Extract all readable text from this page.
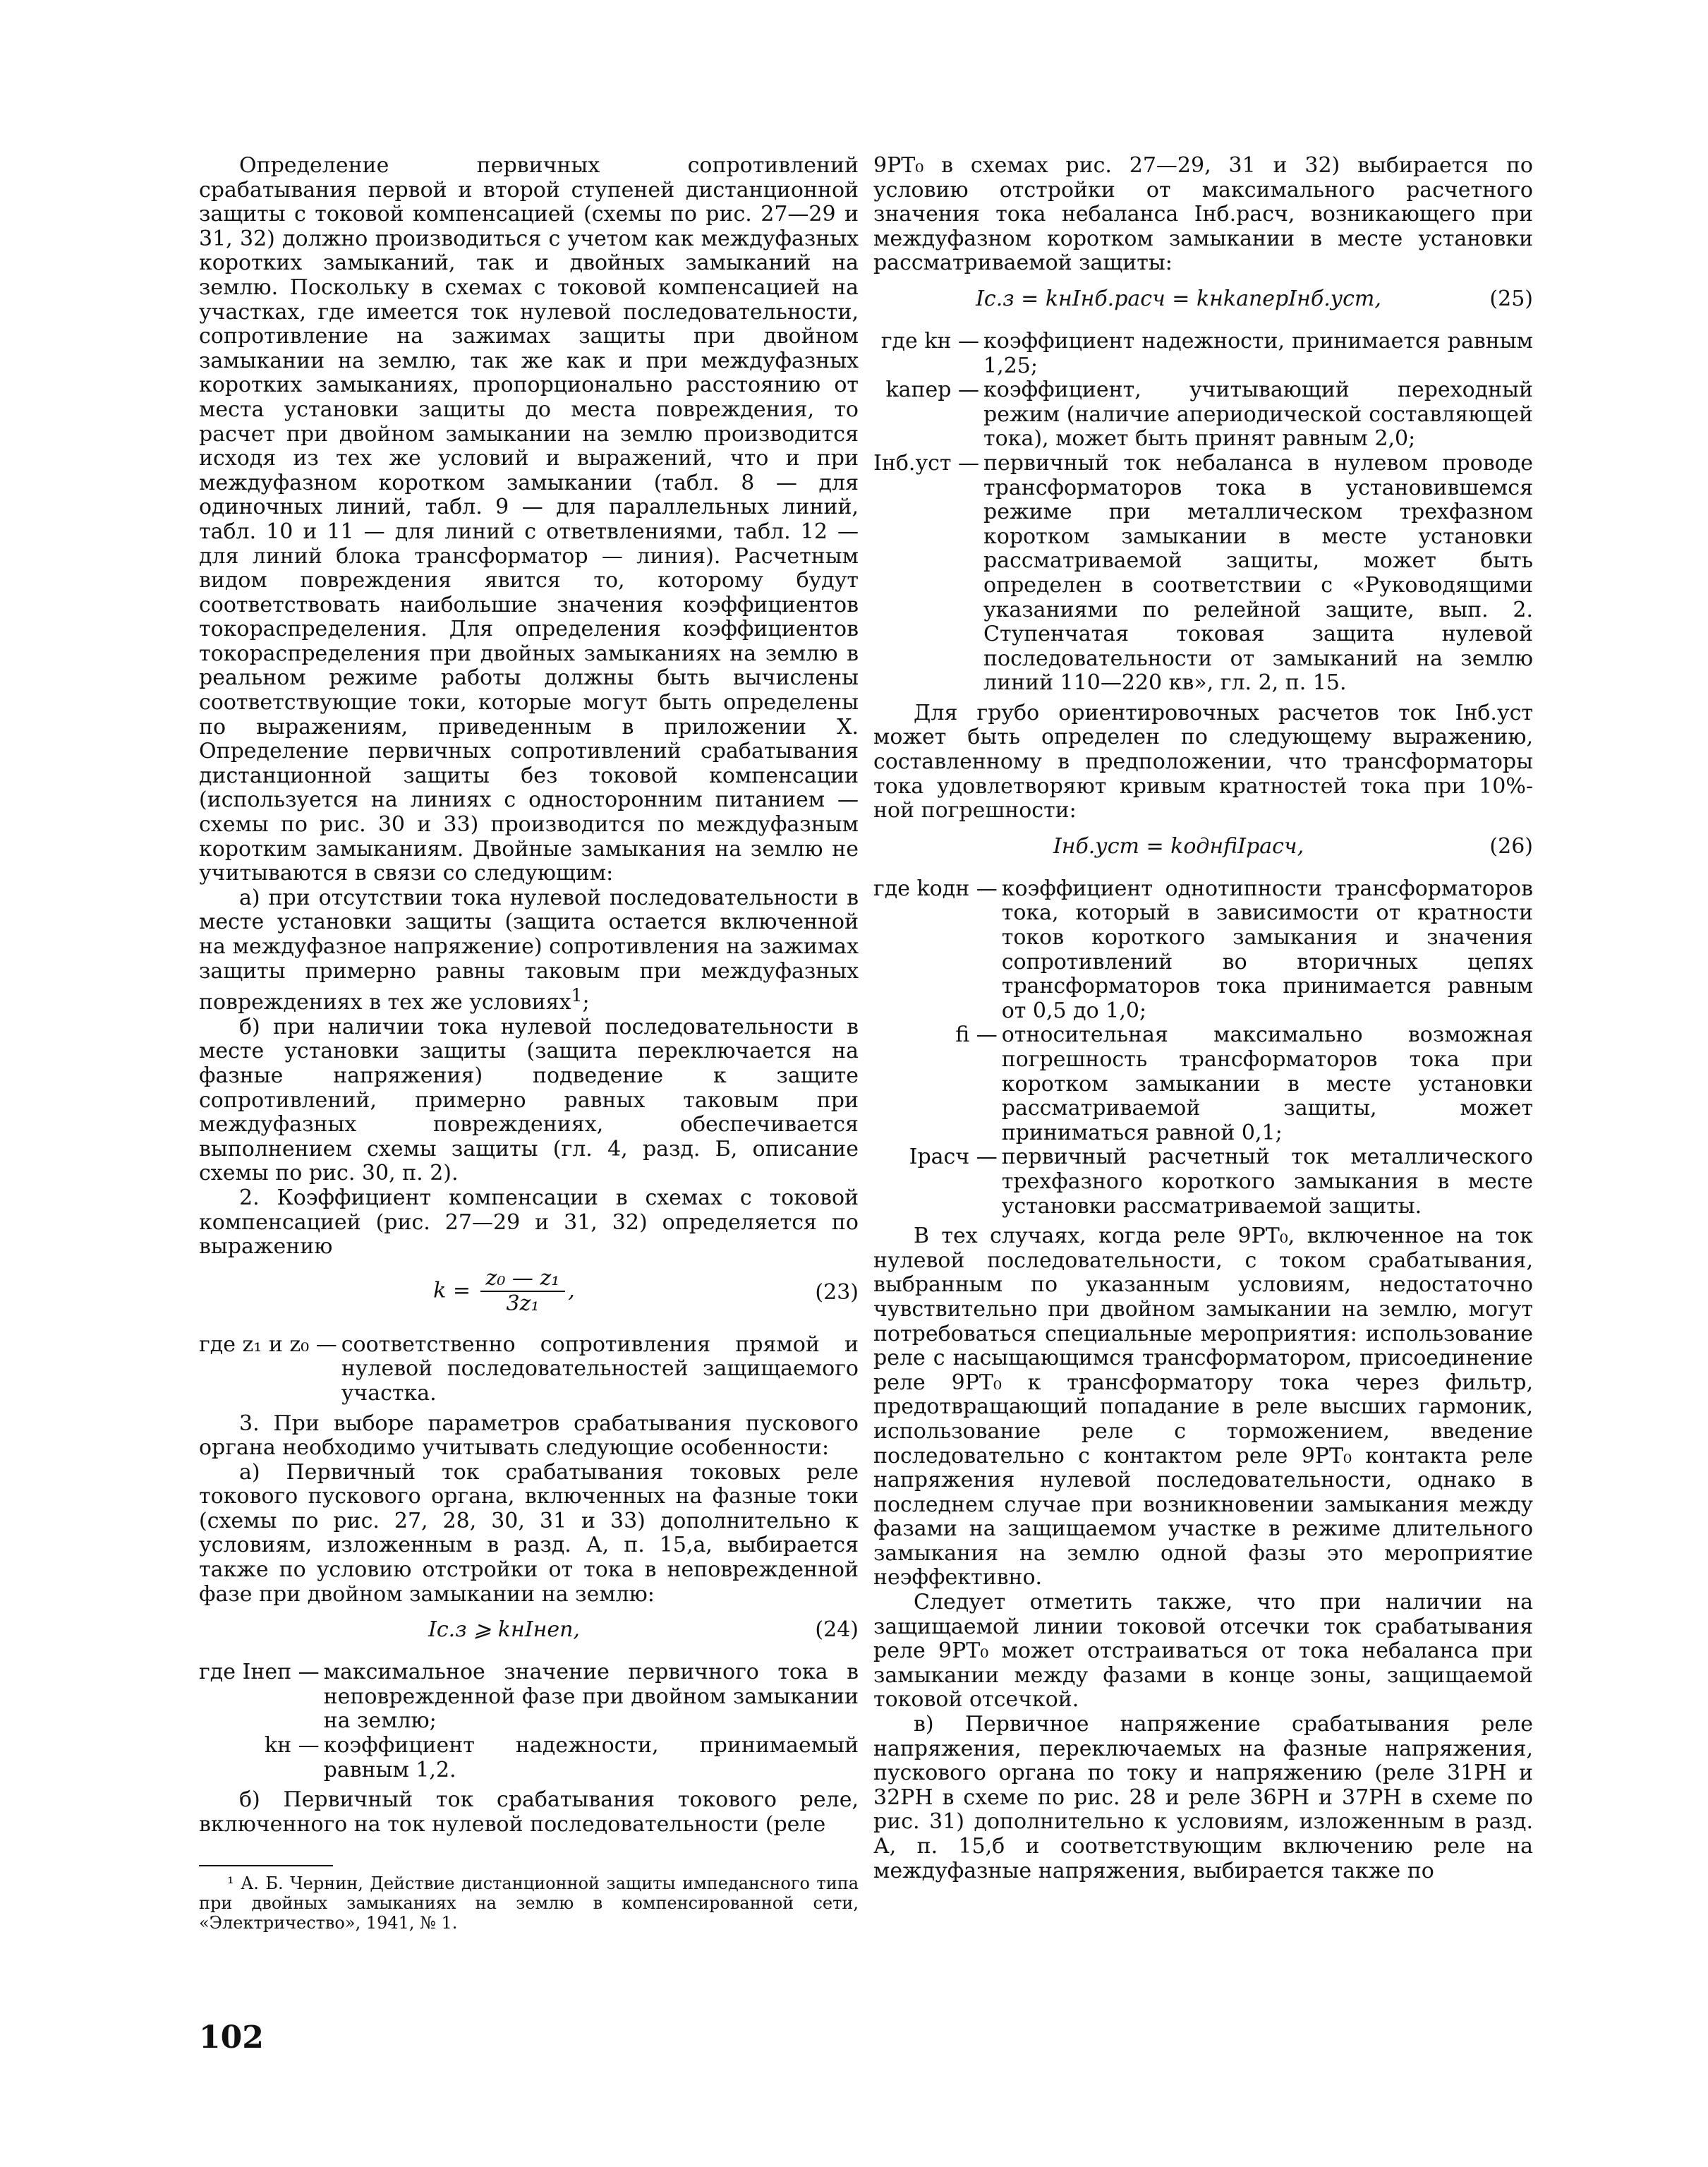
Определение первичных сопротивлений срабатывания первой и второй ступеней дистанционной защиты с токовой компенсацией (схемы по рис. 27—29 и 31, 32) должно производиться с учетом как междуфазных коротких замыканий, так и двойных замыканий на землю. Поскольку в схемах с токовой компенсацией на участках, где имеется ток нулевой последовательности, сопротивление на зажимах защиты при двойном замыкании на землю, так же как и при междуфазных коротких замыканиях, пропорционально расстоянию от места установки защиты до места повреждения, то расчет при двойном замыкании на землю производится исходя из тех же условий и выражений, что и при междуфазном коротком замыкании (табл. 8 — для одиночных линий, табл. 9 — для параллельных линий, табл. 10 и 11 — для линий с ответвлениями, табл. 12 — для линий блока трансформатор — линия). Расчетным видом повреждения явится то, которому будут соответствовать наибольшие значения коэффициентов токораспределения. Для определения коэффициентов токораспределения при двойных замыканиях на землю в реальном режиме работы должны быть вычислены соответствующие токи, которые могут быть определены по выражениям, приведенным в приложении X. Определение первичных сопротивлений срабатывания дистанционной защиты без токовой компенсации (используется на линиях с односторонним питанием — схемы по рис. 30 и 33) производится по междуфазным коротким замыканиям. Двойные замыкания на землю не учитываются в связи со следующим:

а) при отсутствии тока нулевой последовательности в месте установки защиты (защита остается включенной на междуфазное напряжение) сопротивления на зажимах защиты примерно равны таковым при междуфазных повреждениях в тех же условиях$^1$;

б) при наличии тока нулевой последовательности в месте установки защиты (защита переключается на фазные напряжения) подведение к защите сопротивлений, примерно равных таковым при междуфазных повреждениях, обеспечивается выполнением схемы защиты (гл. 4, разд. Б, описание схемы по рис. 30, п. 2).

2. Коэффициент компенсации в схемах с токовой компенсацией (рис. 27—29 и 31, 32) определяется по выражению

$k = \frac{\text{z₀ — z₁}}{\text{3z₁}}$ ,	(23)
где z₁ и z₀ —	соответственно сопротивления прямой и нулевой последовательностей защищаемого участка.

3. При выборе параметров срабатывания пускового органа необходимо учитывать следующие особенности:

а) Первичный ток срабатывания токовых реле токового пускового органа, включенных на фазные токи (схемы по рис. 27, 28, 30, 31 и 33) дополнительно к условиям, изложенным в разд. А, п. 15,а, выбирается также по условию отстройки от тока в неповрежденной фазе при двойном замыкании на землю:

Iс.з ⩾ kнIнеп,	(24)
где Iнеп —	максимальное значение первичного тока в неповрежденной фазе при двойном замыкании на землю;
kн —	коэффициент надежности, принимаемый равным 1,2.

б) Первичный ток срабатывания токового реле, включенного на ток нулевой последовательности (реле

¹ А. Б. Чернин, Действие дистанционной защиты импедансного типа при двойных замыканиях на землю в компенсированной сети, «Электричество», 1941, № 1.

9РТ₀ в схемах рис. 27—29, 31 и 32) выбирается по условию отстройки от максимального расчетного значения тока небаланса Iнб.расч, возникающего при междуфазном коротком замыкании в месте установки рассматриваемой защиты:

Iс.з = kнIнб.расч = kнkаперIнб.уст,	(25)
где kн —	коэффициент надежности, принимается равным 1,25;
kапер —	коэффициент, учитывающий переходный режим (наличие апериодической составляющей тока), может быть принят равным 2,0;
Iнб.уст —	первичный ток небаланса в нулевом проводе трансформаторов тока в установившемся режиме при металлическом трехфазном коротком замыкании в месте установки рассматриваемой защиты, может быть определен в соответствии с «Руководящими указаниями по релейной защите, вып. 2. Ступенчатая токовая защита нулевой последовательности от замыканий на землю линий 110—220 кв», гл. 2, п. 15.

Для грубо ориентировочных расчетов ток Iнб.уст может быть определен по следующему выражению, составленному в предположении, что трансформаторы тока удовлетворяют кривым кратностей тока при 10%-ной погрешности:

Iнб.уст = kоднfiIрасч,	(26)
где kодн —	коэффициент однотипности трансформаторов тока, который в зависимости от кратности токов короткого замыкания и значения сопротивлений во вторичных цепях трансформаторов тока принимается равным от 0,5 до 1,0;
fi —	относительная максимально возможная погрешность трансформаторов тока при коротком замыкании в месте установки рассматриваемой защиты, может приниматься равной 0,1;
Iрасч —	первичный расчетный ток металлического трехфазного короткого замыкания в месте установки рассматриваемой защиты.

В тех случаях, когда реле 9РТ₀, включенное на ток нулевой последовательности, с током срабатывания, выбранным по указанным условиям, недостаточно чувствительно при двойном замыкании на землю, могут потребоваться специальные мероприятия: использование реле с насыщающимся трансформатором, присоединение реле 9РТ₀ к трансформатору тока через фильтр, предотвращающий попадание в реле высших гармоник, использование реле с торможением, введение последовательно с контактом реле 9РТ₀ контакта реле напряжения нулевой последовательности, однако в последнем случае при возникновении замыкания между фазами на защищаемом участке в режиме длительного замыкания на землю одной фазы это мероприятие неэффективно.

Следует отметить также, что при наличии на защищаемой линии токовой отсечки ток срабатывания реле 9РТ₀ может отстраиваться от тока небаланса при замыкании между фазами в конце зоны, защищаемой токовой отсечкой.

в) Первичное напряжение срабатывания реле напряжения, переключаемых на фазные напряжения, пускового органа по току и напряжению (реле 31РН и 32РН в схеме по рис. 28 и реле 36РН и 37РН в схеме по рис. 31) дополнительно к условиям, изложенным в разд. А, п. 15,б и соответствующим включению реле на междуфазные напряжения, выбирается также по

102
